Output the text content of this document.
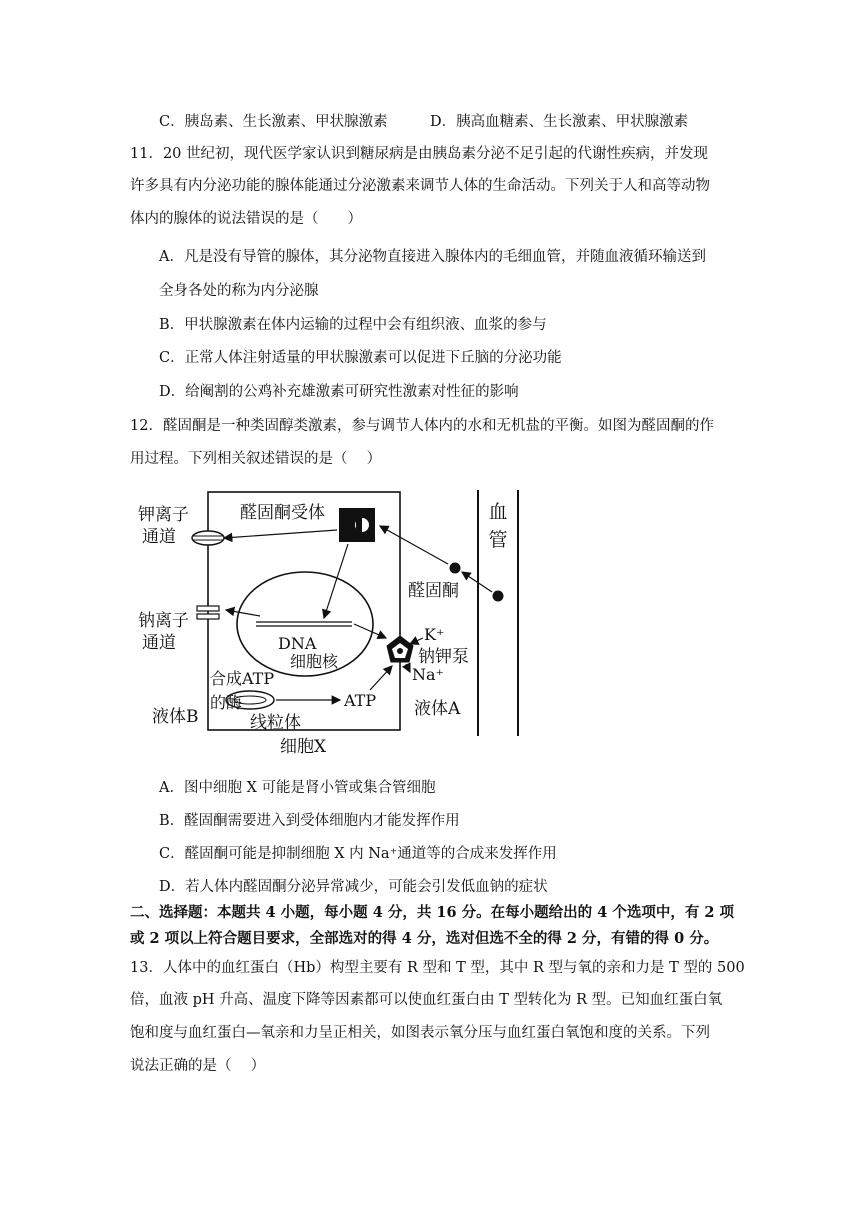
C．胰岛素、生长激素、甲状腺激素	D．胰高血糖素、生长激素、甲状腺激素
11．20 世纪初，现代医学家认识到糖尿病是由胰岛素分泌不足引起的代谢性疾病，并发现
许多具有内分泌功能的腺体能通过分泌激素来调节人体的生命活动。下列关于人和高等动物
体内的腺体的说法错误的是（　　）
A．凡是没有导管的腺体，其分泌物直接进入腺体内的毛细血管，并随血液循环输送到
全身各处的称为内分泌腺
B．甲状腺激素在体内运输的过程中会有组织液、血浆的参与
C．正常人体注射适量的甲状腺激素可以促进下丘脑的分泌功能
D．给阉割的公鸡补充雄激素可研究性激素对性征的影响
12．醛固酮是一种类固醇类激素，参与调节人体内的水和无机盐的平衡。如图为醛固酮的作
用过程。下列相关叙述错误的是（　 ）
血
管
醛固酮
醛固酮受体
钾离子
通道
钠离子
通道	DNA
细胞核
K⁺
钠钾泵
Na⁺
线粒体
合成ATP
的酶	ATP 液体A
液体B
细胞X
A．图中细胞 X 可能是肾小管或集合管细胞
B．醛固酮需要进入到受体细胞内才能发挥作用
C．醛固酮可能是抑制细胞 X 内 Na⁺通道等的合成来发挥作用
D．若人体内醛固酮分泌异常减少，可能会引发低血钠的症状
二、选择题：本题共 4 小题，每小题 4 分，共 16 分。在每小题给出的 4 个选项中，有 2 项
或 2 项以上符合题目要求，全部选对的得 4 分，选对但选不全的得 2 分，有错的得 0 分。
13．人体中的血红蛋白（Hb）构型主要有 R 型和 T 型，其中 R 型与氧的亲和力是 T 型的 500
倍，血液 pH 升高、温度下降等因素都可以使血红蛋白由 T 型转化为 R 型。已知血红蛋白氧
饱和度与血红蛋白—氧亲和力呈正相关，如图表示氧分压与血红蛋白氧饱和度的关系。下列
说法正确的是（　 ）
